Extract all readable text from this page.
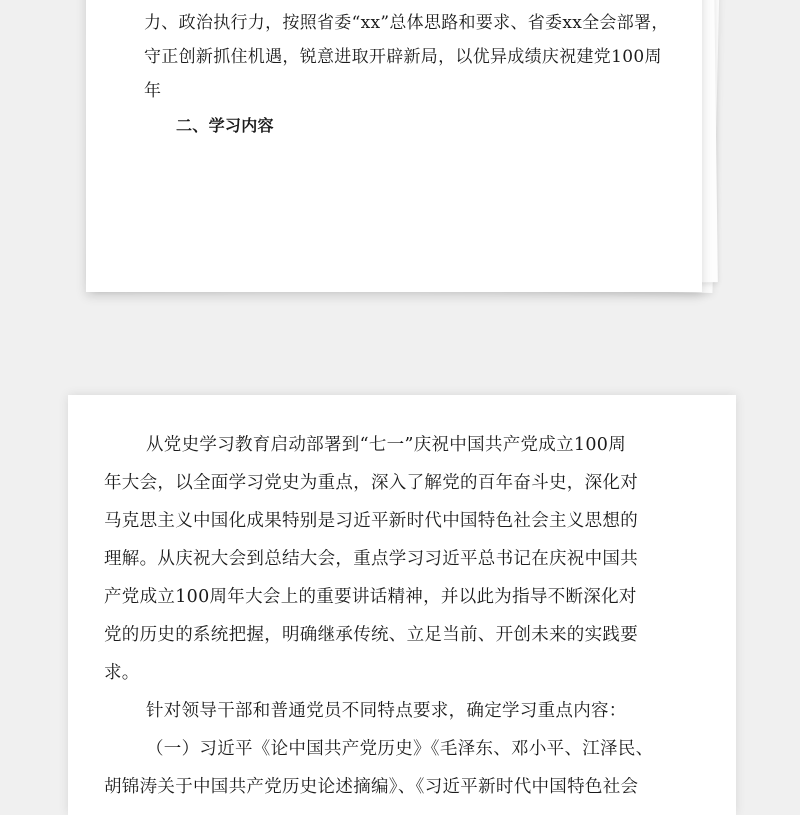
力、政治执行力，按照省委“xx”总体思路和要求、省委xx全会部署，
守正创新抓住机遇，锐意进取开辟新局，以优异成绩庆祝建党100周
年
二、学习内容
从党史学习教育启动部署到“七一”庆祝中国共产党成立100周
年大会，以全面学习党史为重点，深入了解党的百年奋斗史，深化对
马克思主义中国化成果特别是习近平新时代中国特色社会主义思想的
理解。从庆祝大会到总结大会，重点学习习近平总书记在庆祝中国共
产党成立100周年大会上的重要讲话精神，并以此为指导不断深化对
党的历史的系统把握，明确继承传统、立足当前、开创未来的实践要
求。
针对领导干部和普通党员不同特点要求，确定学习重点内容：
（一）习近平《论中国共产党历史》《毛泽东、邓小平、江泽民、
胡锦涛关于中国共产党历史论述摘编》、《习近平新时代中国特色社会
